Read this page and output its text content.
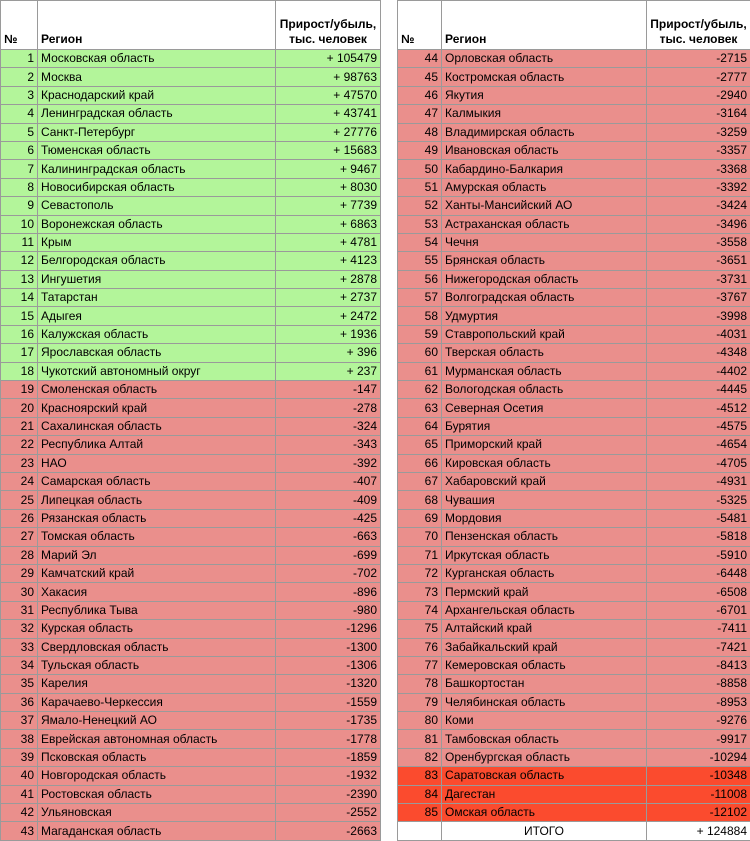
№	Регион	Прирост/убыль,
тыс. человек
1	Московская область	+ 105479
2	Москва	+ 98763
3	Краснодарский край	+ 47570
4	Ленинградская область	+ 43741
5	Санкт-Петербург	+ 27776
6	Тюменская область	+ 15683
7	Калининградская область	+ 9467
8	Новосибирская область	+ 8030
9	Севастополь	+ 7739
10	Воронежская область	+ 6863
11	Крым	+ 4781
12	Белгородская область	+ 4123
13	Ингушетия	+ 2878
14	Татарстан	+ 2737
15	Адыгея	+ 2472
16	Калужская область	+ 1936
17	Ярославская область	+ 396
18	Чукотский автономный округ	+ 237
19	Смоленская область	-147
20	Красноярский край	-278
21	Сахалинская область	-324
22	Республика Алтай	-343
23	НАО	-392
24	Самарская область	-407
25	Липецкая область	-409
26	Рязанская область	-425
27	Томская область	-663
28	Марий Эл	-699
29	Камчатский край	-702
30	Хакасия	-896
31	Республика Тыва	-980
32	Курская область	-1296
33	Свердловская область	-1300
34	Тульская область	-1306
35	Карелия	-1320
36	Карачаево-Черкессия	-1559
37	Ямало-Ненецкий АО	-1735
38	Еврейская автономная область	-1778
39	Псковская область	-1859
40	Новгородская область	-1932
41	Ростовская область	-2390
42	Ульяновская	-2552
43	Магаданская область	-2663
№	Регион	Прирост/убыль,
тыс. человек
44	Орловская область	-2715
45	Костромская область	-2777
46	Якутия	-2940
47	Калмыкия	-3164
48	Владимирская область	-3259
49	Ивановская область	-3357
50	Кабардино-Балкария	-3368
51	Амурская область	-3392
52	Ханты-Мансийский АО	-3424
53	Астраханская область	-3496
54	Чечня	-3558
55	Брянская область	-3651
56	Нижегородская область	-3731
57	Волгоградская область	-3767
58	Удмуртия	-3998
59	Ставропольский край	-4031
60	Тверская область	-4348
61	Мурманская область	-4402
62	Вологодская область	-4445
63	Северная Осетия	-4512
64	Бурятия	-4575
65	Приморский край	-4654
66	Кировская область	-4705
67	Хабаровский край	-4931
68	Чувашия	-5325
69	Мордовия	-5481
70	Пензенская область	-5818
71	Иркутская область	-5910
72	Курганская область	-6448
73	Пермский край	-6508
74	Архангельская область	-6701
75	Алтайский край	-7411
76	Забайкальский край	-7421
77	Кемеровская область	-8413
78	Башкортостан	-8858
79	Челябинская область	-8953
80	Коми	-9276
81	Тамбовская область	-9917
82	Оренбургская область	-10294
83	Саратовская область	-10348
84	Дагестан	-11008
85	Омская область	-12102
	ИТОГО	+ 124884
